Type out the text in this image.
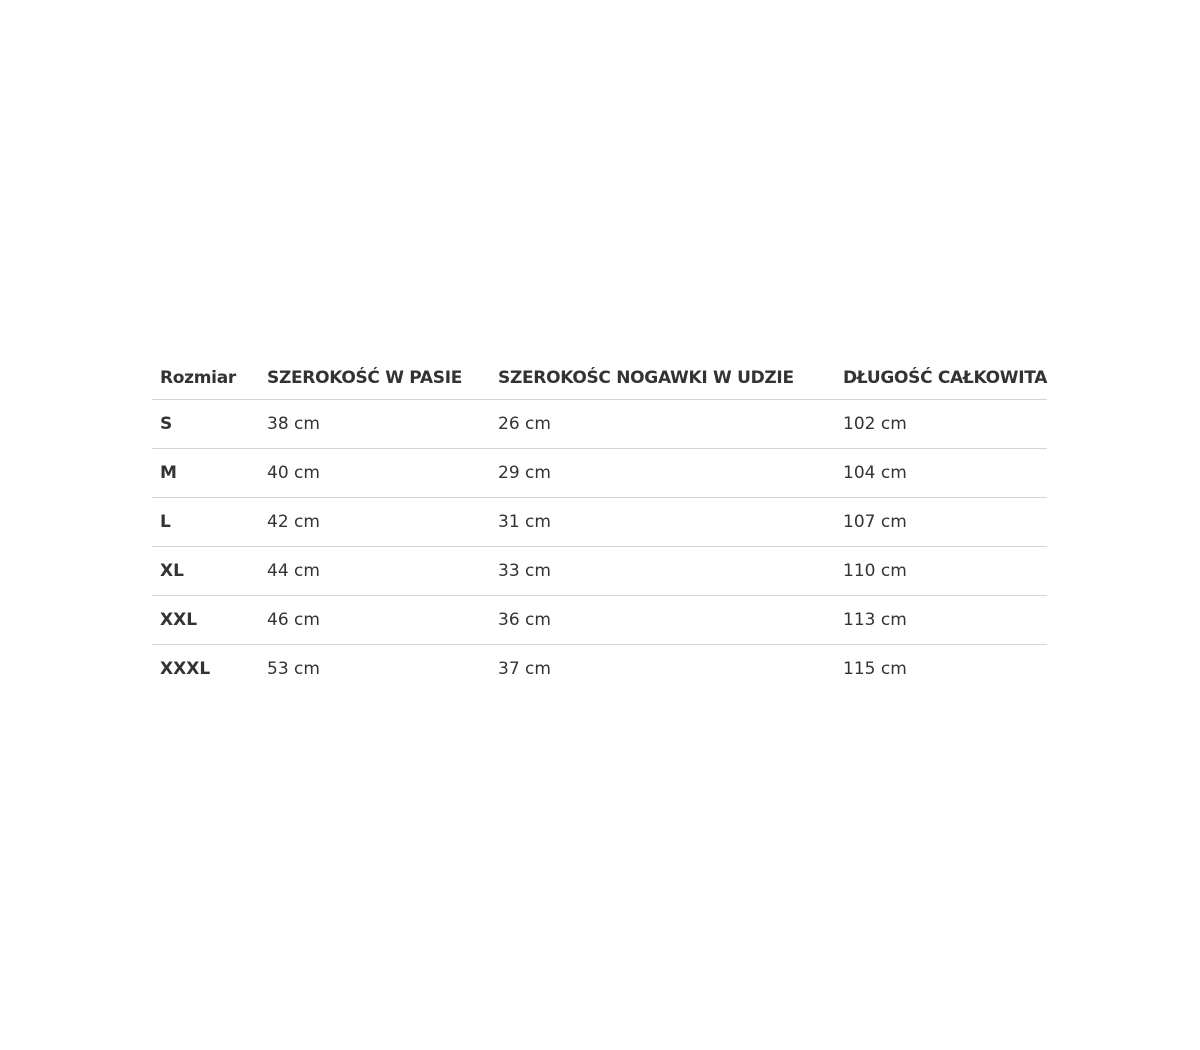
Rozmiar	SZEROKOŚĆ W PASIE	SZEROKOŚC NOGAWKI W UDZIE	DŁUGOŚĆ CAŁKOWITA
S	38 cm	26 cm	102 cm
M	40 cm	29 cm	104 cm
L	42 cm	31 cm	107 cm
XL	44 cm	33 cm	110 cm
XXL	46 cm	36 cm	113 cm
XXXL	53 cm	37 cm	115 cm
